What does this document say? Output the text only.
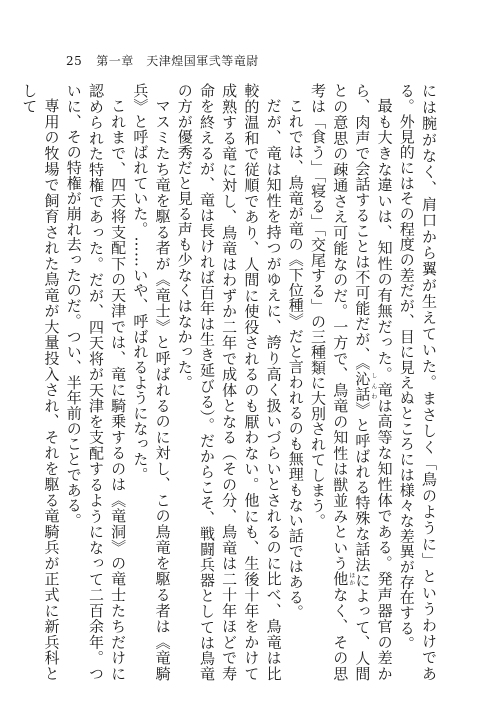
25 第一章　天津煌国軍弐等竜尉

には腕がなく、肩口から翼が生えていた。まさしく「鳥のように」というわけである。外見的にはその程度の差だが、目に見えぬところには様々な差異が存在する。

最も大きな違いは、知性の有無だった。竜は高等な知性体である。発声器官の差から、肉声で会話することは不可能だが、《沁話しんわ》と呼ばれる特殊な話法によって、人間との意思の疎通さえ可能なのだ。一方で、鳥竜の知性は獣並みという他ほかなく、その思考は「食う」「寝る」「交尾する」の三種類に大別されてしまう。

これでは、鳥竜が竜の《下位種》だと言われるのも無理もない話ではある。

だが、竜は知性を持つがゆえに、誇り高く扱いづらいとされるのに比べ、鳥竜は比較的温和で従順であり、人間に使役されるのも厭わない。他にも、生後十年をかけて成熟する竜に対し、鳥竜はわずか二年で成体となる（その分、鳥竜は二十年ほどで寿命を終えるが、竜は長ければ百年は生き延びる）。だからこそ、戦闘兵器としては鳥竜の方が優秀だと見る声も少なくはなかった。

マスミたち竜を駆る者が《竜士》と呼ばれるのに対し、この鳥竜を駆る者は《竜騎兵》と呼ばれていた。……いや、呼ばれるようになった。

これまで、四天将支配下の天津では、竜に騎乗するのは《竜洞》の竜士たちだけに認められた特権であった。だが、四天将が天津を支配するようになって二百余年。ついに、その特権が崩れ去ったのだ。つい、半年前のことである。

専用の牧場で飼育された鳥竜が大量投入され、それを駆る竜騎兵が正式に新兵科として
